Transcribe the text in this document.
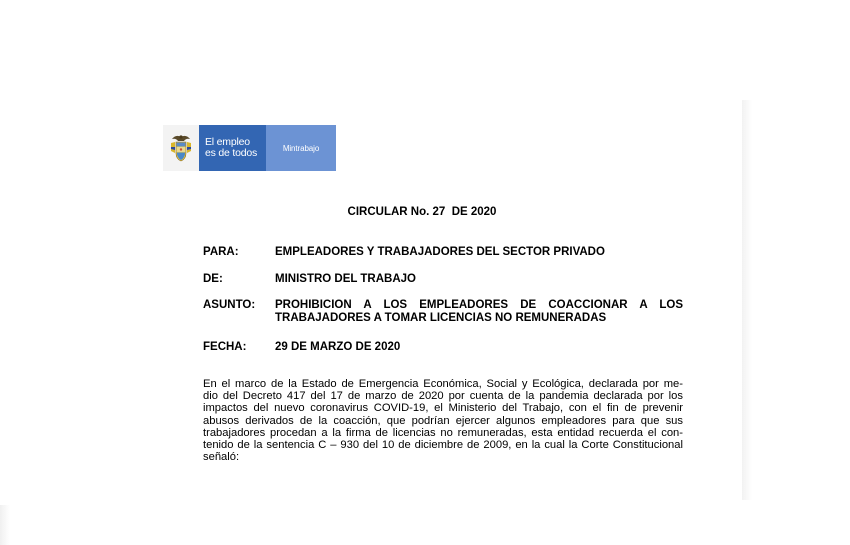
El empleo
es de todos	Mintrabajo
CIRCULAR No. 27  DE 2020
PARA:	EMPLEADORES Y TRABAJADORES DEL SECTOR PRIVADO
DE:	MINISTRO DEL TRABAJO
ASUNTO:	PROHIBICION A LOS EMPLEADORES DE COACCIONAR A LOS
TRABAJADORES A TOMAR LICENCIAS NO REMUNERADAS
FECHA:	29 DE MARZO DE 2020
En el marco de la Estado de Emergencia Económica, Social y Ecológica, declarada por me-
dio del Decreto 417 del 17 de marzo de 2020 por cuenta de la pandemia declarada por los
impactos del nuevo coronavirus COVID-19, el Ministerio del Trabajo, con el fin de prevenir
abusos derivados de la coacción, que podrían ejercer algunos empleadores para que sus
trabajadores procedan a la firma de licencias no remuneradas, esta entidad recuerda el con-
tenido de la sentencia C – 930 del 10 de diciembre de 2009, en la cual la Corte Constitucional
señaló:
